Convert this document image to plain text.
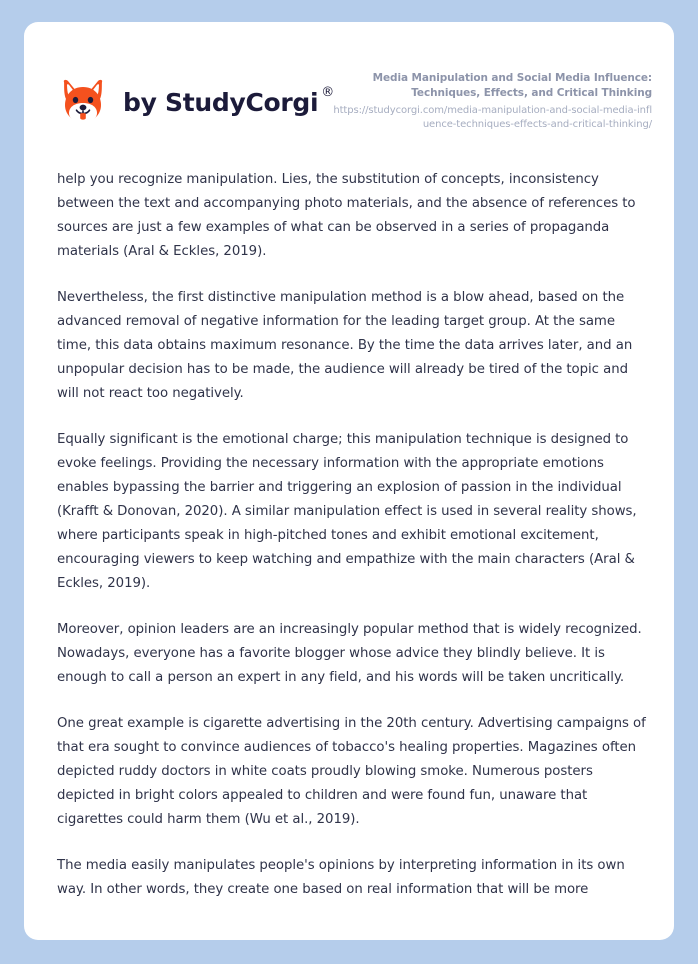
by StudyCorgi®

Media Manipulation and Social Media Influence: Techniques, Effects, and Critical Thinking

https://studycorgi.com/media-manipulation-and-social-media-influence-techniques-effects-and-critical-thinking/

help you recognize manipulation. Lies, the substitution of concepts, inconsistency between the text and accompanying photo materials, and the absence of references to sources are just a few examples of what can be observed in a series of propaganda materials (Aral & Eckles, 2019).

Nevertheless, the first distinctive manipulation method is a blow ahead, based on the advanced removal of negative information for the leading target group. At the same time, this data obtains maximum resonance. By the time the data arrives later, and an unpopular decision has to be made, the audience will already be tired of the topic and will not react too negatively.

Equally significant is the emotional charge; this manipulation technique is designed to evoke feelings. Providing the necessary information with the appropriate emotions enables bypassing the barrier and triggering an explosion of passion in the individual (Krafft & Donovan, 2020). A similar manipulation effect is used in several reality shows, where participants speak in high-pitched tones and exhibit emotional excitement, encouraging viewers to keep watching and empathize with the main characters (Aral & Eckles, 2019).

Moreover, opinion leaders are an increasingly popular method that is widely recognized. Nowadays, everyone has a favorite blogger whose advice they blindly believe. It is enough to call a person an expert in any field, and his words will be taken uncritically.

One great example is cigarette advertising in the 20th century. Advertising campaigns of that era sought to convince audiences of tobacco's healing properties. Magazines often depicted ruddy doctors in white coats proudly blowing smoke. Numerous posters depicted in bright colors appealed to children and were found fun, unaware that cigarettes could harm them (Wu et al., 2019).

The media easily manipulates people's opinions by interpreting information in its own way. In other words, they create one based on real information that will be more
